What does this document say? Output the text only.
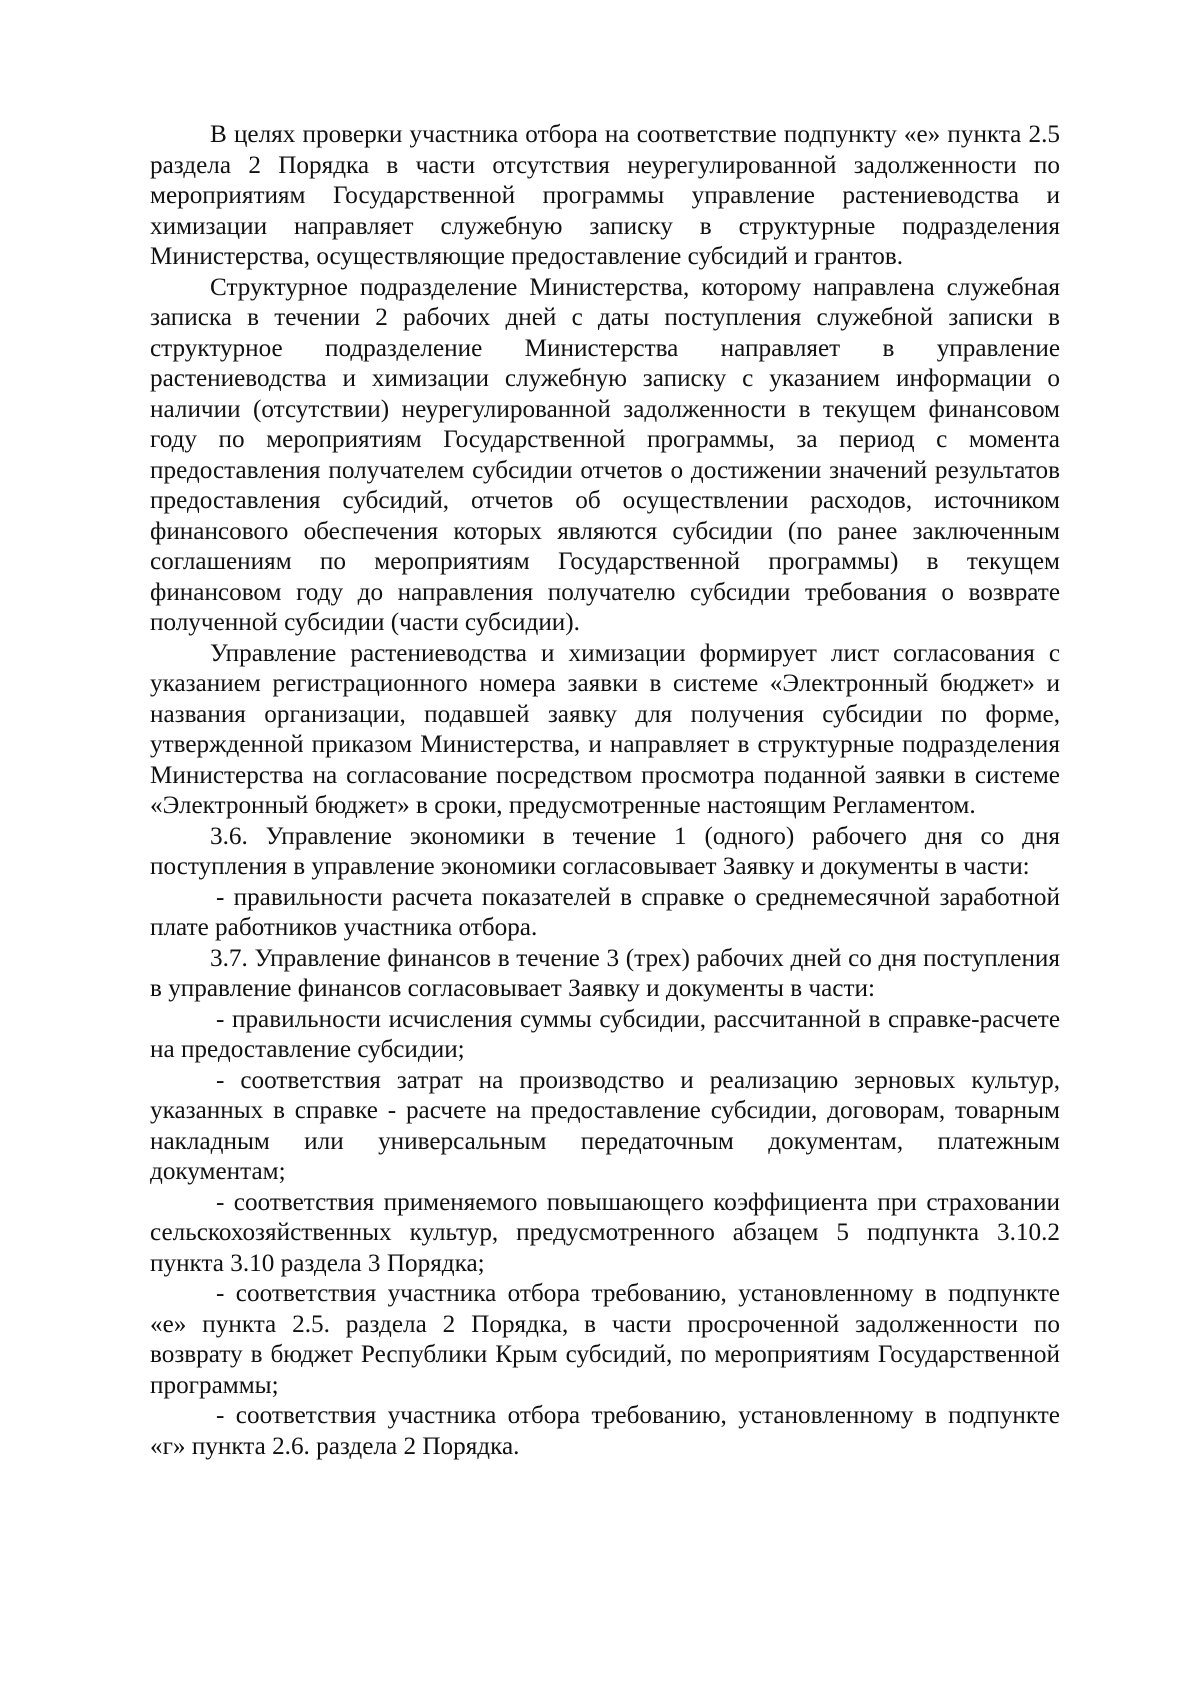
В целях проверки участника отбора на соответствие подпункту «е» пункта 2.5 раздела 2 Порядка в части отсутствия неурегулированной задолженности по мероприятиям Государственной программы управление растениеводства и химизации направляет служебную записку в структурные подразделения Министерства, осуществляющие предоставление субсидий и грантов.

Структурное подразделение Министерства, которому направлена служебная записка в течении 2 рабочих дней с даты поступления служебной записки в структурное подразделение Министерства направляет в управление растениеводства и химизации служебную записку с указанием информации о наличии (отсутствии) неурегулированной задолженности в текущем финансовом году по мероприятиям Государственной программы, за период с момента предоставления получателем субсидии отчетов о достижении значений результатов предоставления субсидий, отчетов об осуществлении расходов, источником финансового обеспечения которых являются субсидии (по ранее заключенным соглашениям по мероприятиям Государственной программы) в текущем финансовом году до направления получателю субсидии требования о возврате полученной субсидии (части субсидии).

Управление растениеводства и химизации формирует лист согласования с указанием регистрационного номера заявки в системе «Электронный бюджет» и названия организации, подавшей заявку для получения субсидии по форме, утвержденной приказом Министерства, и направляет в структурные подразделения Министерства на согласование посредством просмотра поданной заявки в системе «Электронный бюджет» в сроки, предусмотренные настоящим Регламентом.

3.6. Управление экономики в течение 1 (одного) рабочего дня со дня поступления в управление экономики согласовывает Заявку и документы в части:

- правильности расчета показателей в справке о среднемесячной заработной плате работников участника отбора.

3.7. Управление финансов в течение 3 (трех) рабочих дней со дня поступления в управление финансов согласовывает Заявку и документы в части:

- правильности исчисления суммы субсидии, рассчитанной в справке-расчете на предоставление субсидии;

- соответствия затрат на производство и реализацию зерновых культур, указанных в справке - расчете на предоставление субсидии, договорам, товарным накладным или универсальным передаточным документам, платежным документам;

- соответствия применяемого повышающего коэффициента при страховании сельскохозяйственных культур, предусмотренного абзацем 5 подпункта 3.10.2 пункта 3.10 раздела 3 Порядка;

- соответствия участника отбора требованию, установленному в подпункте «е» пункта 2.5. раздела 2 Порядка, в части просроченной задолженности по возврату в бюджет Республики Крым субсидий, по мероприятиям Государственной программы;

- соответствия участника отбора требованию, установленному в подпункте «г» пункта 2.6. раздела 2 Порядка.
